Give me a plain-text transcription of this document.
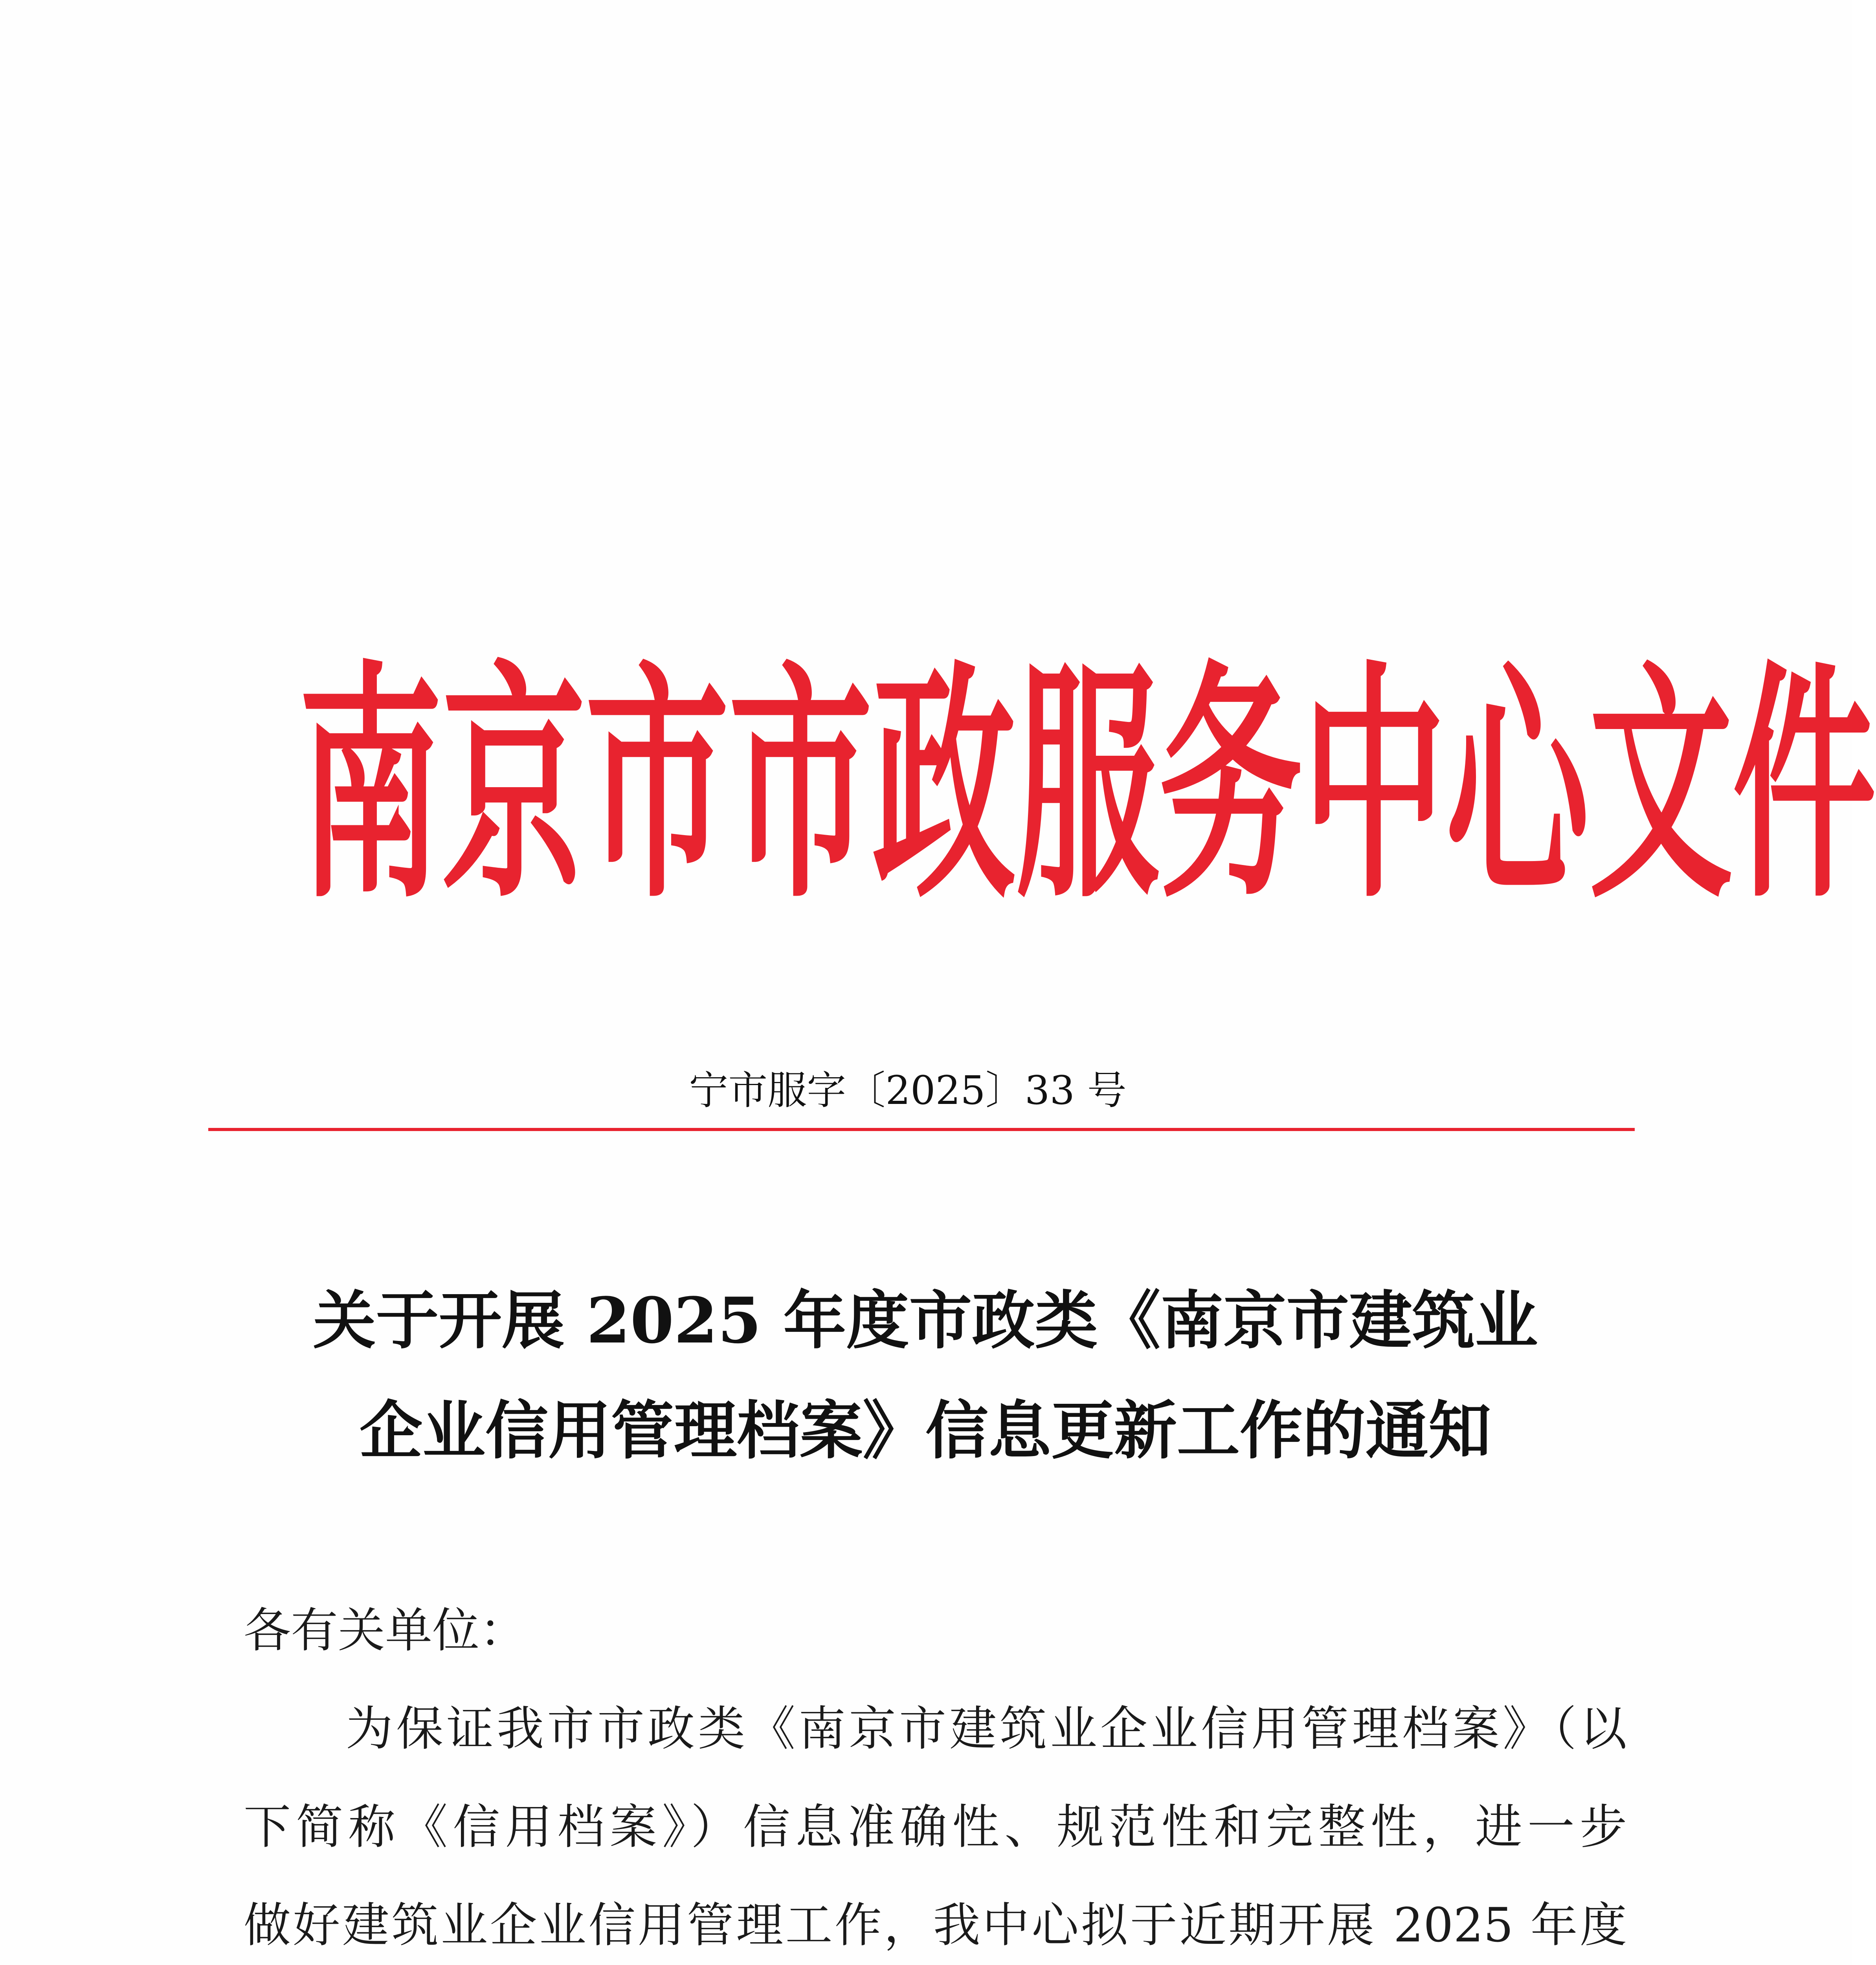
南京市市政服务中心文件
宁市服字〔2025〕33 号
关于开展 2025 年度市政类《南京市建筑业
企业信用管理档案》信息更新工作的通知

各有关单位：

为保证我市市政类《南京市建筑业企业信用管理档案》（以

下简称《信用档案》）信息准确性、规范性和完整性，进一步

做好建筑业企业信用管理工作，我中心拟于近期开展 2025 年度
